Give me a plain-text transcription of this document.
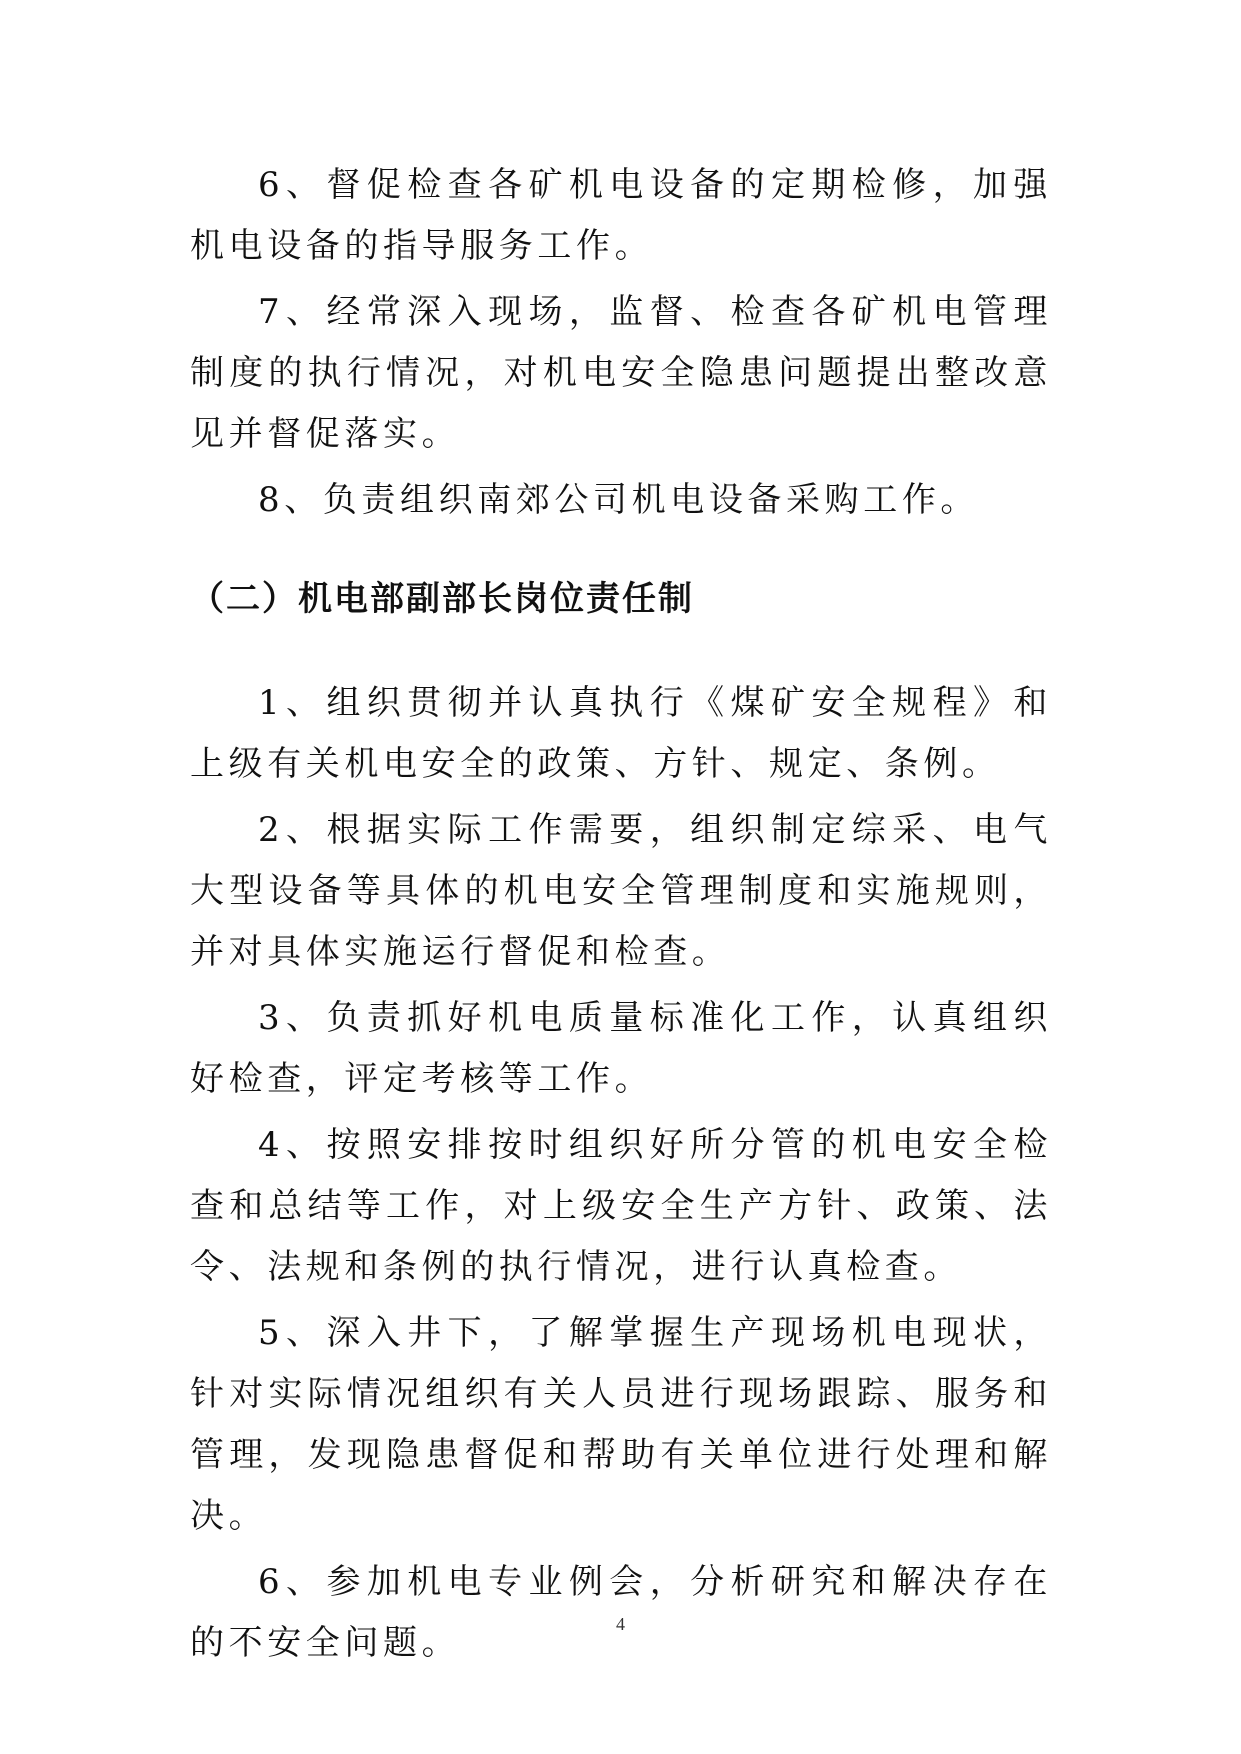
6、督促检查各矿机电设备的定期检修，加强机电设备的指导服务工作。

7、经常深入现场，监督、检查各矿机电管理制度的执行情况，对机电安全隐患问题提出整改意见并督促落实。

8、负责组织南郊公司机电设备采购工作。

（二）机电部副部长岗位责任制

1、组织贯彻并认真执行《煤矿安全规程》和上级有关机电安全的政策、方针、规定、条例。

2、根据实际工作需要，组织制定综采、电气大型设备等具体的机电安全管理制度和实施规则，并对具体实施运行督促和检查。

3、负责抓好机电质量标准化工作，认真组织好检查，评定考核等工作。

4、按照安排按时组织好所分管的机电安全检查和总结等工作，对上级安全生产方针、政策、法令、法规和条例的执行情况，进行认真检查。

5、深入井下，了解掌握生产现场机电现状，针对实际情况组织有关人员进行现场跟踪、服务和管理，发现隐患督促和帮助有关单位进行处理和解决。

6、参加机电专业例会，分析研究和解决存在的不安全问题。	4
